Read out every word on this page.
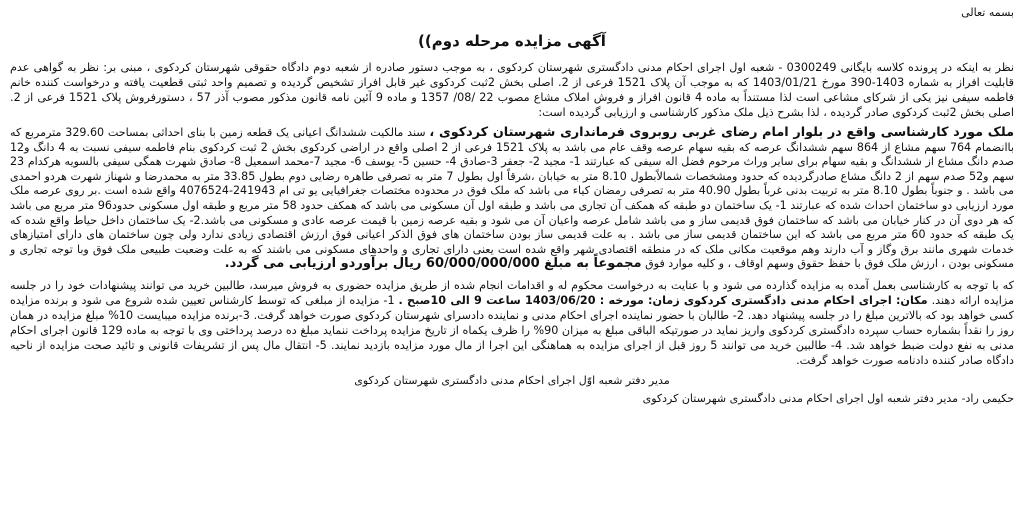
بسمه تعالی
آگهی مزایده مرحله دوم))

نظر به اینکه در پرونده کلاسه بایگانی 0300249 - شعبه اول اجرای احکام مدنی دادگستری شهرستان کردکوی ، به موجب دستور صادره از شعبه دوم دادگاه حقوقی شهرستان کردکوی ، مبنی بر: نظر به گواهی عدم قابلیت افراز به شماره 1403-390 مورخ 1403/01/21 که به موجب آن پلاک 1521 فرعی از 2. اصلی بخش 2ثبت کردکوی غیر قابل افراز تشخیص گردیده و تصمیم واحد ثبتی قطعیت یافته و درخواست کننده خانم فاطمه سیفی نیز یکی از شرکای مشاعی است لذا مستنداً به ماده 4 قانون افراز و فروش املاک مشاع مصوب 22 /08/ 1357 و ماده 9 آئین نامه قانون مذکور مصوب آذر 57 ، دستورفروش پلاک 1521 فرعی از 2. اصلی بخش 2ثبت کردکوی صادر گردیده ، لذا بشرح ذیل ملک مذکور کارشناسی و ارزیابی گردیده است:

ملک مورد کارشناسی واقع در بلوار امام رضای غربی روبروی فرمانداری شهرستان کردکوی ، سند مالکیت ششدانگ اعیانی یک قطعه زمین با بنای احداثی بمساحت 329.60 مترمربع که باانضمام 764 سهم مشاع از 864 سهم ششدانگ عرصه که بقیه سهام عرصه وقف عام می باشد به پلاک 1521 فرعی از 2 اصلی واقع در اراضی کردکوی بخش 2 ثبت کردکوی بنام فاطمه سیفی نسبت به 4 دانگ و12 صدم دانگ مشاع از ششدانگ و بقیه سهام برای سایر وراث مرحوم فضل اله سیفی که عبارتند 1- مجید 2- جعفر 3-صادق 4- حسین 5- یوسف 6- مجید 7-محمد اسمعیل 8- صادق شهرت همگی سیفی بالسویه هرکدام 23 سهم و52 صدم سهم از 2 دانگ مشاع صادرگردیده که حدود ومشخصات شمالاًبطول 8.10 متر به خیابان ،شرقاً اول بطول 7 متر به تصرفی طاهره رضایی دوم بطول 33.85 متر به محمدرضا و شهناز شهرت هردو احمدی می باشد . و جنوباً بطول 8.10 متر به تربیت بدنی غرباً بطول 40.90 متر به تصرفی رمضان کیاء می باشد که ملک فوق در محدوده مختصات جغرافیایی یو تی ام 241943-4076524 واقع شده است .بر روی عرصه ملک مورد ارزیابی دو ساختمان احداث شده که عبارتند 1- یک ساختمان دو طبقه که همکف آن تجاری می باشد و طبقه اول آن مسکونی می باشد که همکف حدود 58 متر مربع و طبقه اول مسکونی حدود96 متر مربع می باشد که هر دوی آن در کنار خیابان می باشد که ساختمان فوق قدیمی ساز و می باشد شامل عرصه واعیان آن می شود و بقیه عرصه زمین با قیمت عرصه عادی و مسکونی می باشد.2- یک ساختمان داخل حیاط واقع شده که یک طبقه که حدود 60 متر مربع می باشد که این ساختمان قدیمی ساز می باشد . به علت قدیمی ساز بودن ساختمان های فوق الذکر اعیانی فوق ارزش اقتصادی زیادی ندارد ولی چون ساختمان های دارای امتیازهای خدمات شهری مانند برق وگاز و آب دارند وهم موقعیت مکانی ملک که در منطقه اقتصادی شهر واقع شده است یعنی دارای تجاری و واحدهای مسکونی می باشند که به علت وضعیت طبیعی ملک فوق وبا توجه تجاری و مسکونی بودن ، ارزش ملک فوق با حفظ حقوق وسهم اوقاف ، و کلیه موارد فوق مجموعاً به مبلغ 60/000/000/000 ریال برآوردو ارزیابی می گردد.

که با توجه به کارشناسی بعمل آمده به مزایده گذارده می شود و با عنایت به درخواست محکوم له و اقدامات انجام شده از طریق مزایده حضوری به فروش میرسد، طالبین خرید می توانند پیشنهادات خود را در جلسه مزایده ارائه دهند. مکان: اجرای احکام مدنی دادگستری کردکوی زمان: مورخه : 1403/06/20 ساعت 9 الی 10صبح . 1- مزایده از مبلغی که توسط کارشناس تعیین شده شروع می شود و برنده مزایده کسی خواهد بود که بالاترین مبلغ را در جلسه پیشنهاد دهد. 2- طالبان با حضور نماینده اجرای احکام مدنی و نماینده دادسرای شهرستان کردکوی صورت خواهد گرفت. 3-برنده مزایده میبایست 10% مبلغ مزایده در همان روز را نقداً بشماره حساب سپرده دادگستری کردکوی واریز نماید در صورتیکه الباقی مبلغ به میزان 90% را ظرف یکماه از تاریخ مزایده پرداخت ننماید مبلغ ده درصد پرداختی وی با توجه به ماده 129 قانون اجرای احکام مدنی به نفع دولت ضبط خواهد شد. 4- طالبین خرید می توانند 5 روز قبل از اجرای مزایده به هماهنگی این اجرا از مال مورد مزایده بازدید نمایند. 5- انتقال مال پس از تشریفات قانونی و تائید صحت مزایده از ناحیه دادگاه صادر کننده دادنامه صورت خواهد گرفت.

مدیر دفتر شعبه اوّل اجرای احکام مدنی دادگستری شهرستان کردکوی
حکیمی راد- مدیر دفتر شعبه اول اجرای احکام مدنی دادگستری شهرستان کردکوی
